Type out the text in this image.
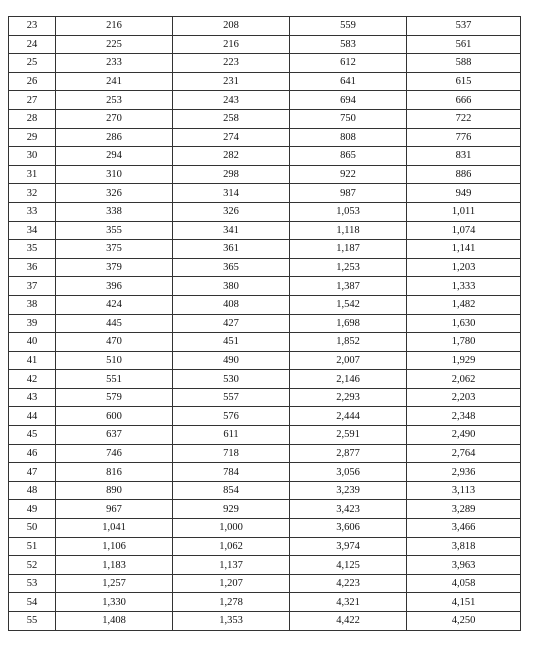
23	216	208	559	537
24	225	216	583	561
25	233	223	612	588
26	241	231	641	615
27	253	243	694	666
28	270	258	750	722
29	286	274	808	776
30	294	282	865	831
31	310	298	922	886
32	326	314	987	949
33	338	326	1,053	1,011
34	355	341	1,118	1,074
35	375	361	1,187	1,141
36	379	365	1,253	1,203
37	396	380	1,387	1,333
38	424	408	1,542	1,482
39	445	427	1,698	1,630
40	470	451	1,852	1,780
41	510	490	2,007	1,929
42	551	530	2,146	2,062
43	579	557	2,293	2,203
44	600	576	2,444	2,348
45	637	611	2,591	2,490
46	746	718	2,877	2,764
47	816	784	3,056	2,936
48	890	854	3,239	3,113
49	967	929	3,423	3,289
50	1,041	1,000	3,606	3,466
51	1,106	1,062	3,974	3,818
52	1,183	1,137	4,125	3,963
53	1,257	1,207	4,223	4,058
54	1,330	1,278	4,321	4,151
55	1,408	1,353	4,422	4,250
